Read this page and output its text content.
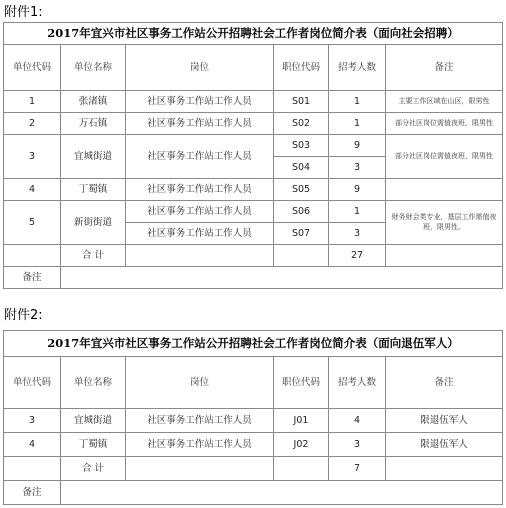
附件1:
2017年宜兴市社区事务工作站公开招聘社会工作者岗位简介表（面向社会招聘）					
单位代码	单位名称	岗位	职位代码	招考人数	备注
1	张渚镇	社区事务工作站工作人员	S01	1	主要工作区域在山区，限男性
2	万石镇	社区事务工作站工作人员	S02	1	部分社区岗位需值夜班，限男性
3	宜城街道	社区事务工作站工作人员	S03	9	部分社区岗位需值夜班，限男性
			S04	3	
4	丁蜀镇	社区事务工作站工作人员	S05	9	
5	新街街道	社区事务工作站工作人员	S06	1	财务财会类专业，基层工作需值夜班，限男性。
		社区事务工作站工作人员	S07	3	
	合 计			27	
备注					
附件2:
2017年宜兴市社区事务工作站公开招聘社会工作者岗位简介表（面向退伍军人）					
单位代码	单位名称	岗位	职位代码	招考人数	备注
3	宜城街道	社区事务工作站工作人员	J01	4	限退伍军人
4	丁蜀镇	社区事务工作站工作人员	J02	3	限退伍军人
	合 计			7	
备注					
